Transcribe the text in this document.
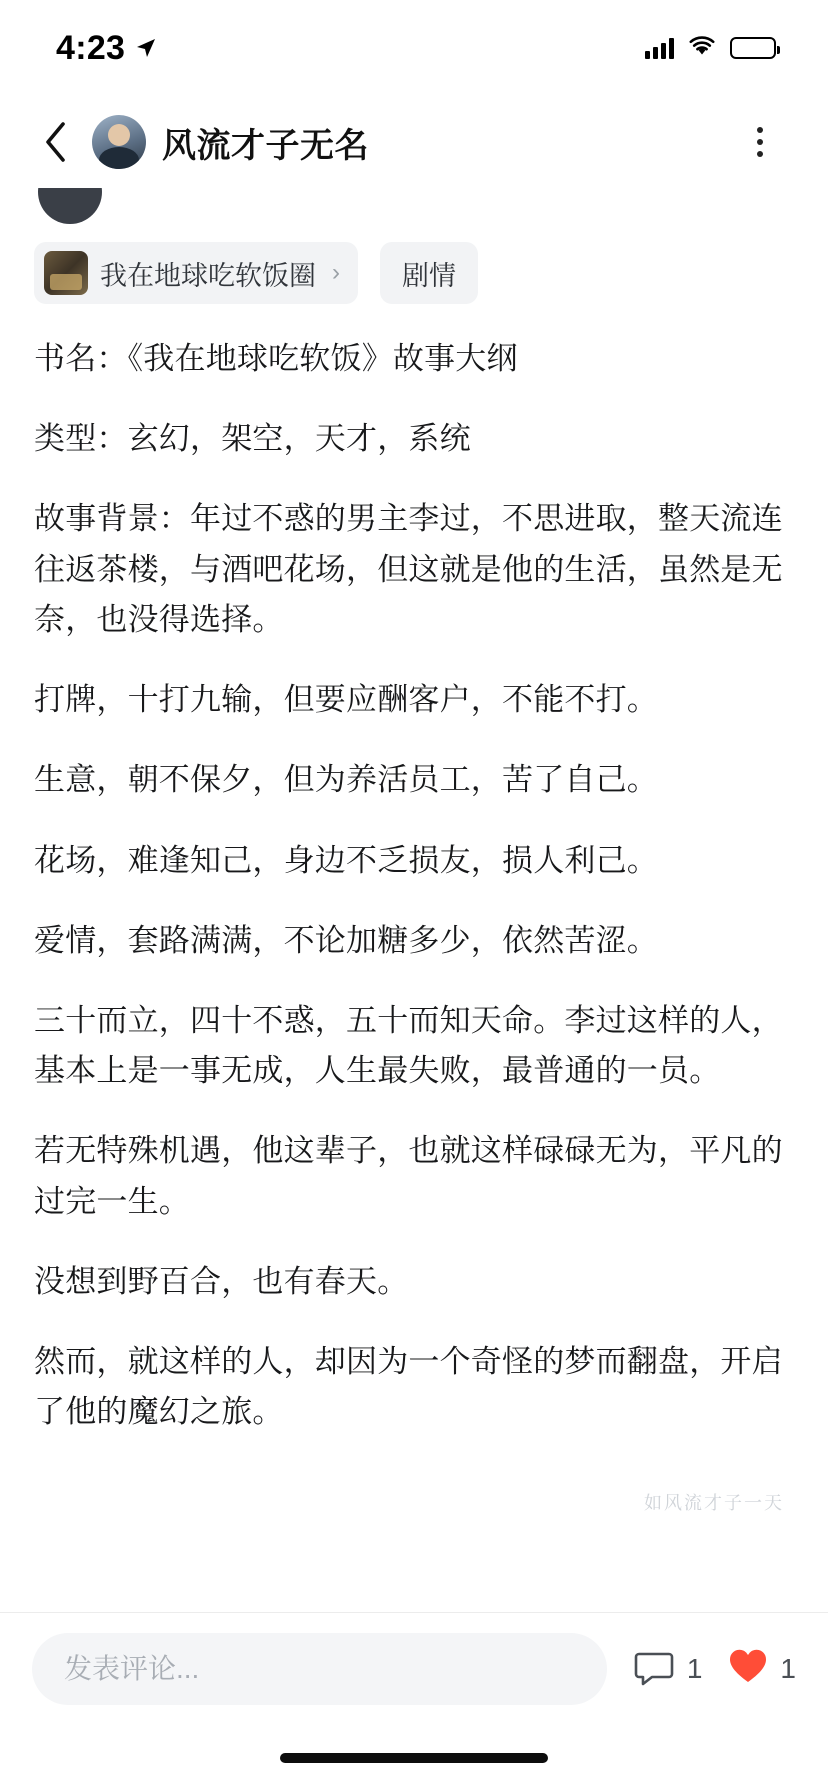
4:23
风流才子无名
我在地球吃软饭圈 › 剧情

书名：《我在地球吃软饭》故事大纲

类型：玄幻，架空，天才，系统

故事背景：年过不惑的男主李过，不思进取，整天流连往返茶楼，与酒吧花场，但这就是他的生活，虽然是无奈，也没得选择。

打牌，十打九输，但要应酬客户，不能不打。

生意，朝不保夕，但为养活员工，苦了自己。

花场，难逢知己，身边不乏损友，损人利己。

爱情，套路满满，不论加糖多少，依然苦涩。

三十而立，四十不惑，五十而知天命。李过这样的人，基本上是一事无成，人生最失败，最普通的一员。

若无特殊机遇，他这辈子，也就这样碌碌无为，平凡的过完一生。

没想到野百合，也有春天。

然而，就这样的人，却因为一个奇怪的梦而翻盘，开启了他的魔幻之旅。

如风流才子一天
发表评论...
1	1
